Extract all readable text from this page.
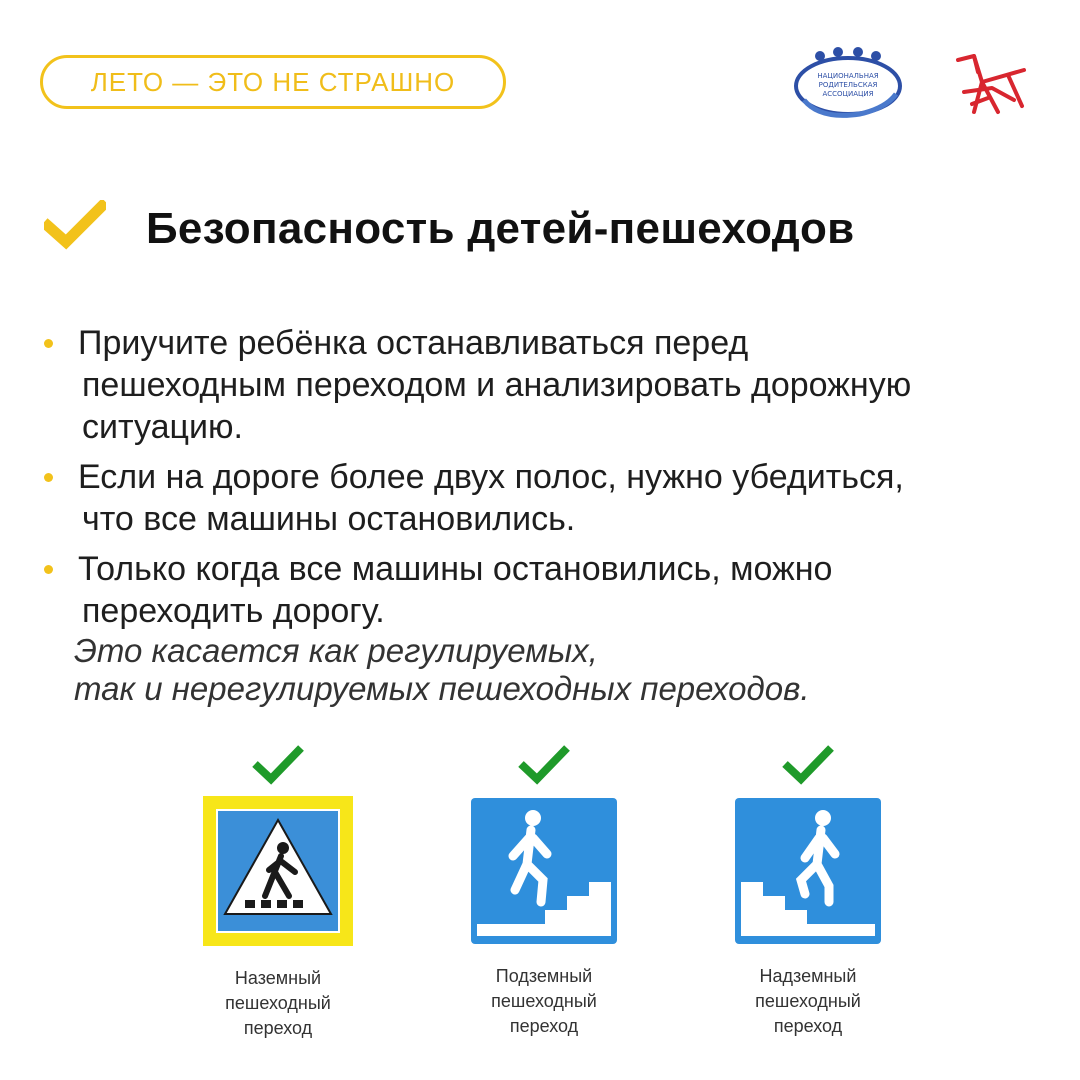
ЛЕТО — ЭТО НЕ СТРАШНО	НАЦИОНАЛЬНАЯ
РОДИТЕЛЬСКАЯ
АССОЦИАЦИЯ
Безопасность детей-пешеходов
Приучите ребёнка останавливаться перед
пешеходным переходом и анализировать дорожную
ситуацию.
Если на дороге более двух полос, нужно убедиться,
что все машины остановились.
Только когда все машины остановились, можно
переходить дорогу.
Это касается как регулируемых,
так и нерегулируемых пешеходных переходов.
Наземный
пешеходный
переход
Подземный
пешеходный
переход
Надземный
пешеходный
переход
